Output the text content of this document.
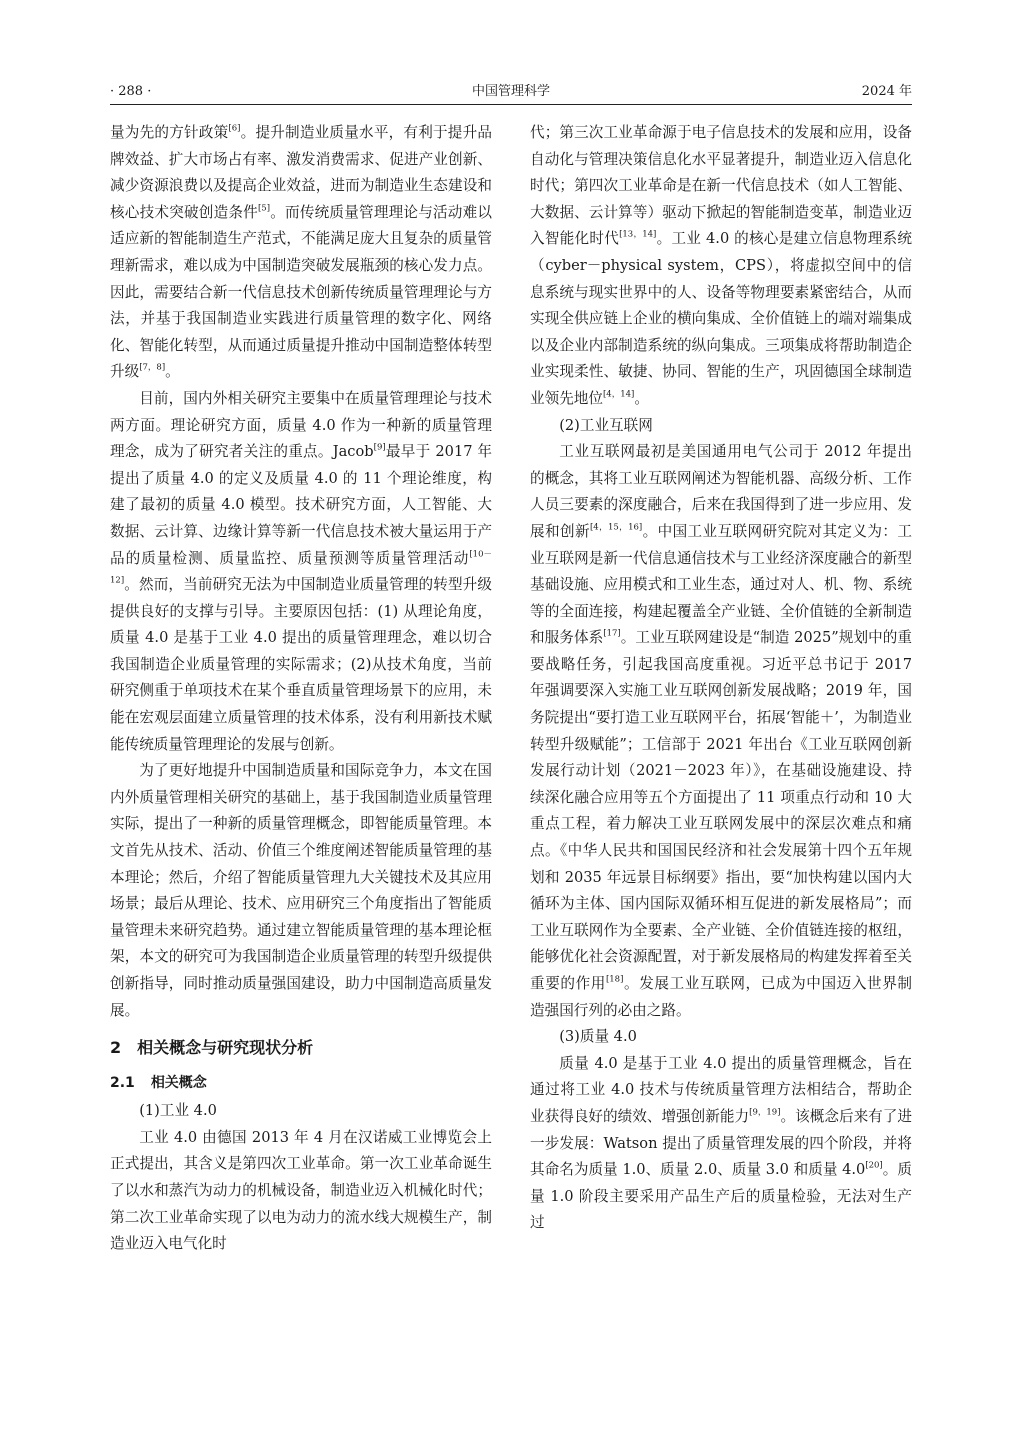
· 288 ·	中国管理科学	2024 年

量为先的方针政策[6]。提升制造业质量水平，有利于提升品牌效益、扩大市场占有率、激发消费需求、促进产业创新、减少资源浪费以及提高企业效益，进而为制造业生态建设和核心技术突破创造条件[5]。而传统质量管理理论与活动难以适应新的智能制造生产范式，不能满足庞大且复杂的质量管理新需求，难以成为中国制造突破发展瓶颈的核心发力点。因此，需要结合新一代信息技术创新传统质量管理理论与方法，并基于我国制造业实践进行质量管理的数字化、网络化、智能化转型，从而通过质量提升推动中国制造整体转型升级[7，8]。

目前，国内外相关研究主要集中在质量管理理论与技术两方面。理论研究方面，质量 4.0 作为一种新的质量管理理念，成为了研究者关注的重点。Jacob[9]最早于 2017 年提出了质量 4.0 的定义及质量 4.0 的 11 个理论维度，构建了最初的质量 4.0 模型。技术研究方面，人工智能、大数据、云计算、边缘计算等新一代信息技术被大量运用于产品的质量检测、质量监控、质量预测等质量管理活动[10－12]。然而，当前研究无法为中国制造业质量管理的转型升级提供良好的支撑与引导。主要原因包括：(1) 从理论角度，质量 4.0 是基于工业 4.0 提出的质量管理理念，难以切合我国制造企业质量管理的实际需求；(2)从技术角度，当前研究侧重于单项技术在某个垂直质量管理场景下的应用，未能在宏观层面建立质量管理的技术体系，没有利用新技术赋能传统质量管理理论的发展与创新。

为了更好地提升中国制造质量和国际竞争力，本文在国内外质量管理相关研究的基础上，基于我国制造业质量管理实际，提出了一种新的质量管理概念，即智能质量管理。本文首先从技术、活动、价值三个维度阐述智能质量管理的基本理论；然后，介绍了智能质量管理九大关键技术及其应用场景；最后从理论、技术、应用研究三个角度指出了智能质量管理未来研究趋势。通过建立智能质量管理的基本理论框架，本文的研究可为我国制造企业质量管理的转型升级提供创新指导，同时推动质量强国建设，助力中国制造高质量发展。

2 相关概念与研究现状分析
2.1 相关概念

(1)工业 4.0

工业 4.0 由德国 2013 年 4 月在汉诺威工业博览会上正式提出，其含义是第四次工业革命。第一次工业革命诞生了以水和蒸汽为动力的机械设备，制造业迈入机械化时代；第二次工业革命实现了以电为动力的流水线大规模生产，制造业迈入电气化时

代；第三次工业革命源于电子信息技术的发展和应用，设备自动化与管理决策信息化水平显著提升，制造业迈入信息化时代；第四次工业革命是在新一代信息技术（如人工智能、大数据、云计算等）驱动下掀起的智能制造变革，制造业迈入智能化时代[13，14]。工业 4.0 的核心是建立信息物理系统（cyber－physical system，CPS），将虚拟空间中的信息系统与现实世界中的人、设备等物理要素紧密结合，从而实现全供应链上企业的横向集成、全价值链上的端对端集成以及企业内部制造系统的纵向集成。三项集成将帮助制造企业实现柔性、敏捷、协同、智能的生产，巩固德国全球制造业领先地位[4，14]。

(2)工业互联网

工业互联网最初是美国通用电气公司于 2012 年提出的概念，其将工业互联网阐述为智能机器、高级分析、工作人员三要素的深度融合，后来在我国得到了进一步应用、发展和创新[4，15，16]。中国工业互联网研究院对其定义为：工业互联网是新一代信息通信技术与工业经济深度融合的新型基础设施、应用模式和工业生态，通过对人、机、物、系统等的全面连接，构建起覆盖全产业链、全价值链的全新制造和服务体系[17]。工业互联网建设是“制造 2025”规划中的重要战略任务，引起我国高度重视。习近平总书记于 2017 年强调要深入实施工业互联网创新发展战略；2019 年，国务院提出“要打造工业互联网平台，拓展‘智能＋’，为制造业转型升级赋能”；工信部于 2021 年出台《工业互联网创新发展行动计划（2021－2023 年）》，在基础设施建设、持续深化融合应用等五个方面提出了 11 项重点行动和 10 大重点工程，着力解决工业互联网发展中的深层次难点和痛点。《中华人民共和国国民经济和社会发展第十四个五年规划和 2035 年远景目标纲要》指出，要“加快构建以国内大循环为主体、国内国际双循环相互促进的新发展格局”；而工业互联网作为全要素、全产业链、全价值链连接的枢纽，能够优化社会资源配置，对于新发展格局的构建发挥着至关重要的作用[18]。发展工业互联网，已成为中国迈入世界制造强国行列的必由之路。

(3)质量 4.0

质量 4.0 是基于工业 4.0 提出的质量管理概念，旨在通过将工业 4.0 技术与传统质量管理方法相结合，帮助企业获得良好的绩效、增强创新能力[9，19]。该概念后来有了进一步发展：Watson 提出了质量管理发展的四个阶段，并将其命名为质量 1.0、质量 2.0、质量 3.0 和质量 4.0[20]。质量 1.0 阶段主要采用产品生产后的质量检验，无法对生产过
